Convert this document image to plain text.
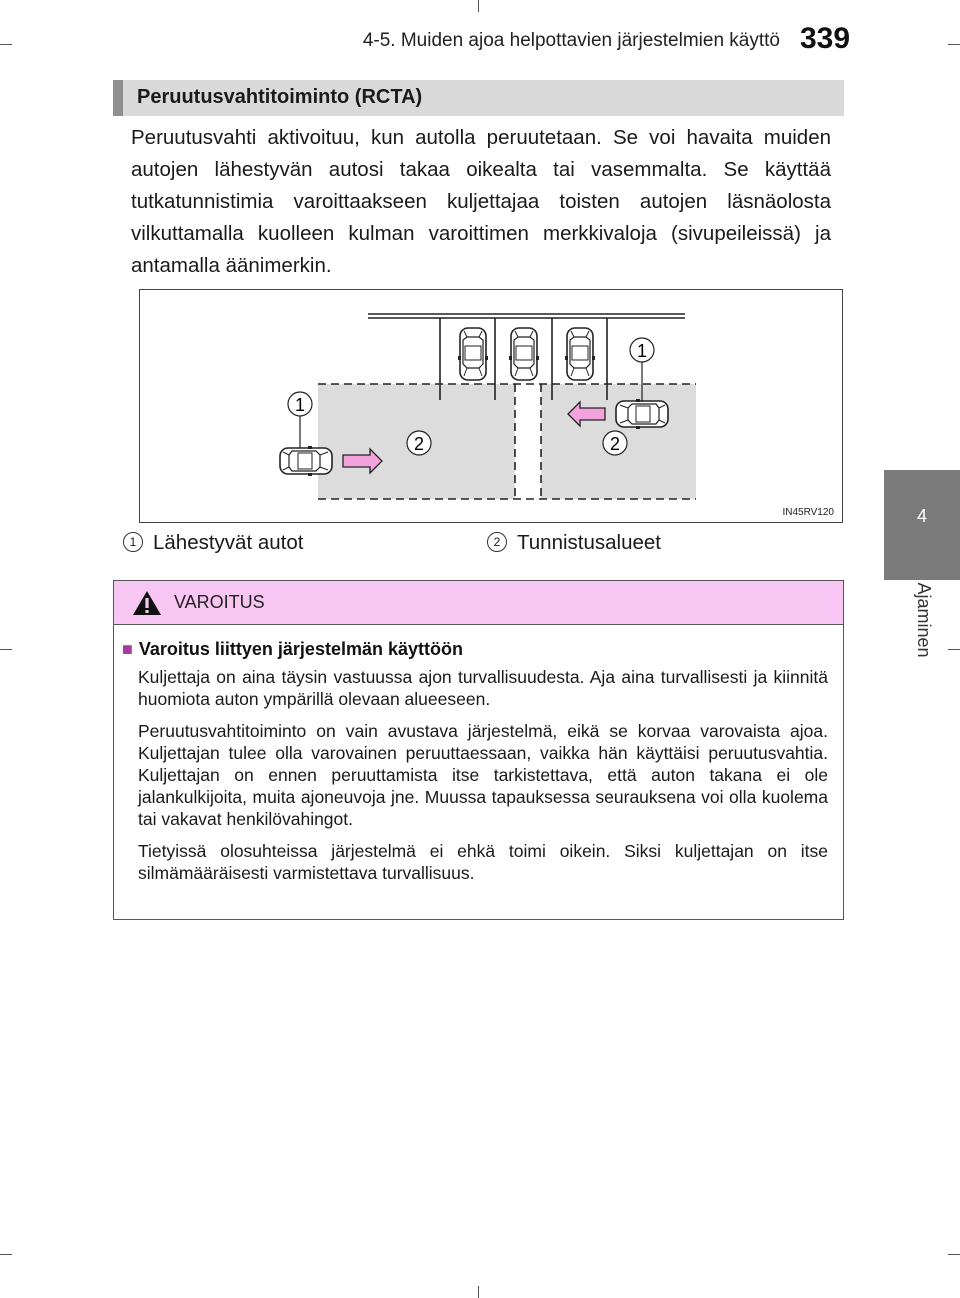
4-5. Muiden ajoa helpottavien järjestelmien käyttö 339
4
Ajaminen
Peruutusvahtitoiminto (RCTA)

Peruutusvahti aktivoituu, kun autolla peruutetaan. Se voi havaita muiden autojen lähestyvän autosi takaa oikealta tai vasemmalta. Se käyttää tutkatunnistimia varoittaakseen kuljettajaa toisten autojen läsnäolosta vilkuttamalla kuolleen kulman varoittimen merkkivaloja (sivupeileissä) ja antamalla äänimerkin.

1
1
2	2
IN45RV120
1 Lähestyvät autot	2 Tunnistusalueet
VAROITUS

■ Varoitus liittyen järjestelmän käyttöön

Kuljettaja on aina täysin vastuussa ajon turvallisuudesta. Aja aina turvallisesti ja kiinnitä huomiota auton ympärillä olevaan alueeseen.

Peruutusvahtitoiminto on vain avustava järjestelmä, eikä se korvaa varovaista ajoa. Kuljettajan tulee olla varovainen peruuttaessaan, vaikka hän käyttäisi peruutusvahtia. Kuljettajan on ennen peruuttamista itse tarkistettava, että auton takana ei ole jalankulkijoita, muita ajoneuvoja jne. Muussa tapauksessa seurauksena voi olla kuolema tai vakavat henkilövahingot.

Tietyissä olosuhteissa järjestelmä ei ehkä toimi oikein. Siksi kuljettajan on itse silmämääräisesti varmistettava turvallisuus.
